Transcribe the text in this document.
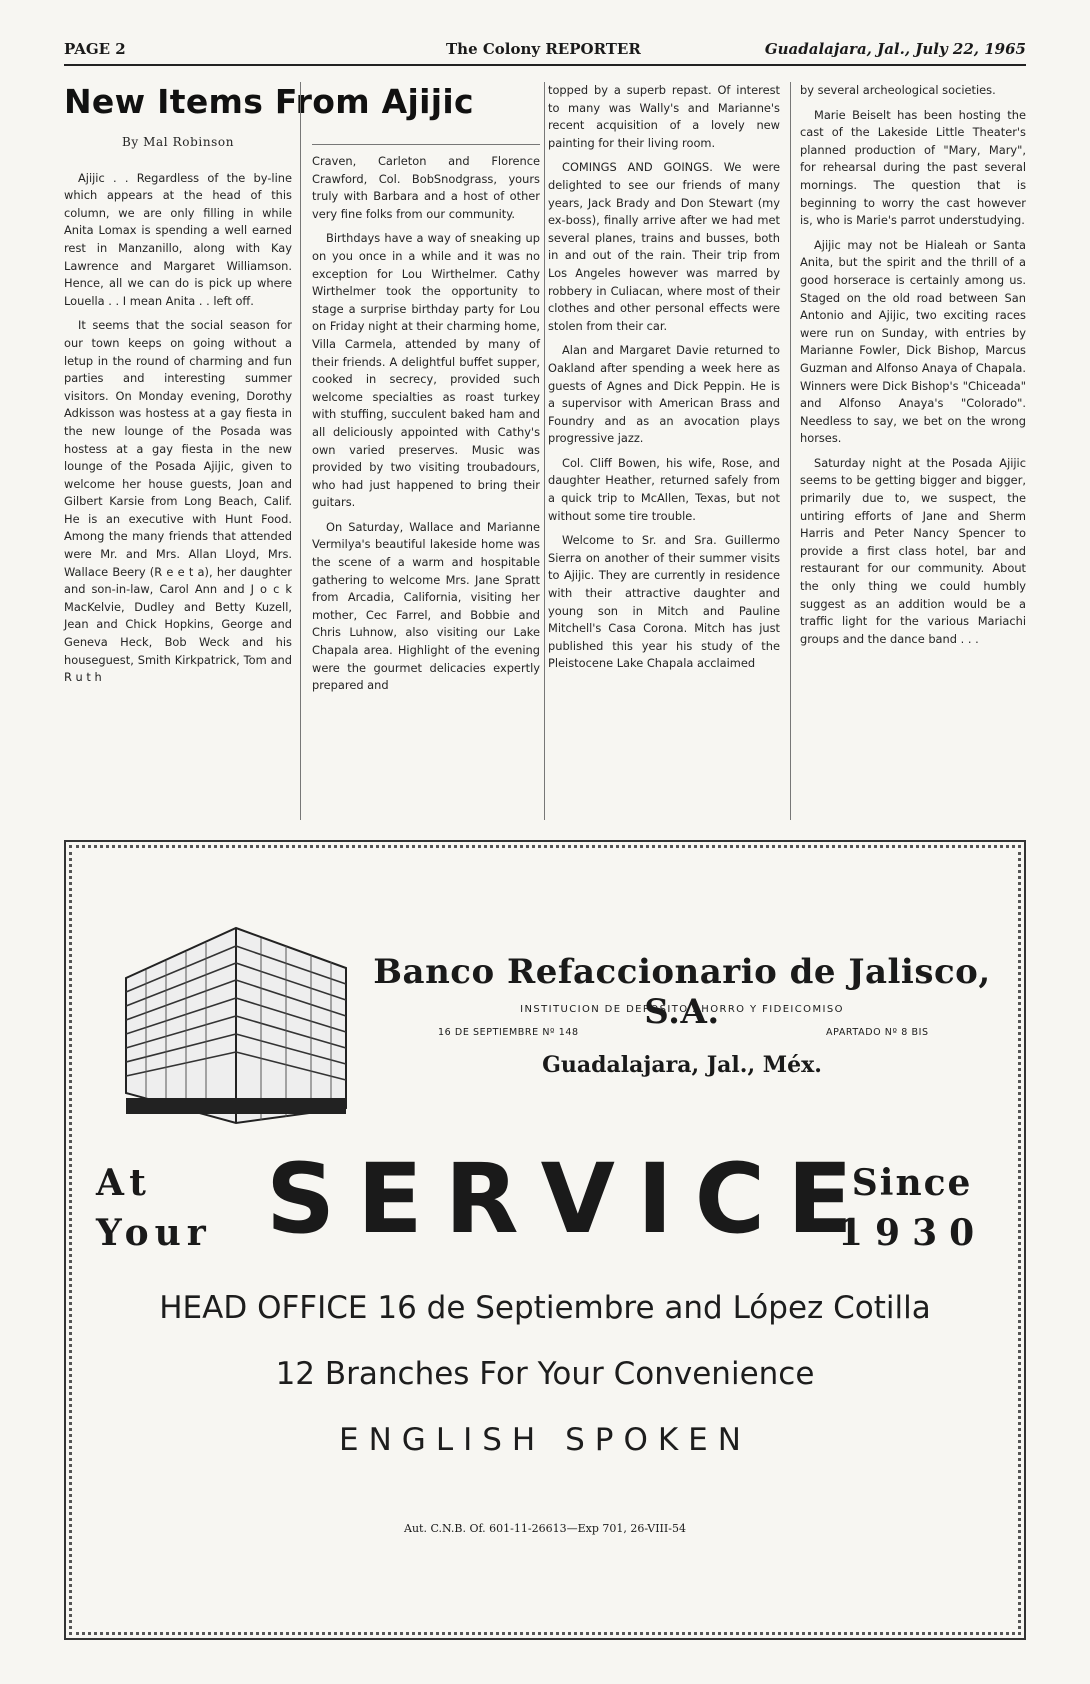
PAGE 2	The Colony REPORTER	Guadalajara, Jal., July 22, 1965
New Items From Ajijic
By Mal Robinson

Ajijic . . Regardless of the by-line which appears at the head of this column, we are only filling in while Anita Lomax is spending a well earned rest in Manzanillo, along with Kay Lawrence and Margaret Williamson. Hence, all we can do is pick up where Louella . . I mean Anita . . left off.

It seems that the social season for our town keeps on going without a letup in the round of charming and fun parties and interesting summer visitors. On Monday evening, Dorothy Adkisson was hostess at a gay fiesta in the new lounge of the Posada was hostess at a gay fiesta in the new lounge of the Posada Ajijic, given to welcome her house guests, Joan and Gilbert Karsie from Long Beach, Calif. He is an executive with Hunt Food. Among the many friends that attended were Mr. and Mrs. Allan Lloyd, Mrs. Wallace Beery (R e e t a), her daughter and son-in-law, Carol Ann and J o c k MacKelvie, Dudley and Betty Kuzell, Jean and Chick Hopkins, George and Geneva Heck, Bob Weck and his houseguest, Smith Kirkpatrick, Tom and R u t h

Craven, Carleton and Florence Crawford, Col. BobSnodgrass, yours truly with Barbara and a host of other very fine folks from our community.

Birthdays have a way of sneaking up on you once in a while and it was no exception for Lou Wirthelmer. Cathy Wirthelmer took the opportunity to stage a surprise birthday party for Lou on Friday night at their charming home, Villa Carmela, attended by many of their friends. A delightful buffet supper, cooked in secrecy, provided such welcome specialties as roast turkey with stuffing, succulent baked ham and all deliciously appointed with Cathy's own varied preserves. Music was provided by two visiting troubadours, who had just happened to bring their guitars.

On Saturday, Wallace and Marianne Vermilya's beautiful lakeside home was the scene of a warm and hospitable gathering to welcome Mrs. Jane Spratt from Arcadia, California, visiting her mother, Cec Farrel, and Bobbie and Chris Luhnow, also visiting our Lake Chapala area. Highlight of the evening were the gourmet delicacies expertly prepared and

topped by a superb repast. Of interest to many was Wally's and Marianne's recent acquisition of a lovely new painting for their living room.

COMINGS AND GOINGS. We were delighted to see our friends of many years, Jack Brady and Don Stewart (my ex-boss), finally arrive after we had met several planes, trains and busses, both in and out of the rain. Their trip from Los Angeles however was marred by robbery in Culiacan, where most of their clothes and other personal effects were stolen from their car.

Alan and Margaret Davie returned to Oakland after spending a week here as guests of Agnes and Dick Peppin. He is a supervisor with American Brass and Foundry and as an avocation plays progressive jazz.

Col. Cliff Bowen, his wife, Rose, and daughter Heather, returned safely from a quick trip to McAllen, Texas, but not without some tire trouble.

Welcome to Sr. and Sra. Guillermo Sierra on another of their summer visits to Ajijic. They are currently in residence with their attractive daughter and young son in Mitch and Pauline Mitchell's Casa Corona. Mitch has just published this year his study of the Pleistocene Lake Chapala acclaimed

by several archeological societies.

Marie Beiselt has been hosting the cast of the Lakeside Little Theater's planned production of "Mary, Mary", for rehearsal during the past several mornings. The question that is beginning to worry the cast however is, who is Marie's parrot understudying.

Ajijic may not be Hialeah or Santa Anita, but the spirit and the thrill of a good horserace is certainly among us. Staged on the old road between San Antonio and Ajijic, two exciting races were run on Sunday, with entries by Marianne Fowler, Dick Bishop, Marcus Guzman and Alfonso Anaya of Chapala. Winners were Dick Bishop's "Chiceada" and Alfonso Anaya's "Colorado". Needless to say, we bet on the wrong horses.

Saturday night at the Posada Ajijic seems to be getting bigger and bigger, primarily due to, we suspect, the untiring efforts of Jane and Sherm Harris and Peter Nancy Spencer to provide a first class hotel, bar and restaurant for our community. About the only thing we could humbly suggest as an addition would be a traffic light for the various Mariachi groups and the dance band . . .

Banco Refaccionario de Jalisco, S.A.
INSTITUCION DE DEPOSITO AHORRO Y FIDEICOMISO
16 DE SEPTIEMBRE Nº 148	APARTADO Nº 8 BIS
Guadalajara, Jal., Méx.
At
Your SERVICE
Since
1930
HEAD OFFICE 16 de Septiembre and López Cotilla
12 Branches For Your Convenience
ENGLISH SPOKEN
Aut. C.N.B. Of. 601-11-26613—Exp 701, 26-VIII-54
